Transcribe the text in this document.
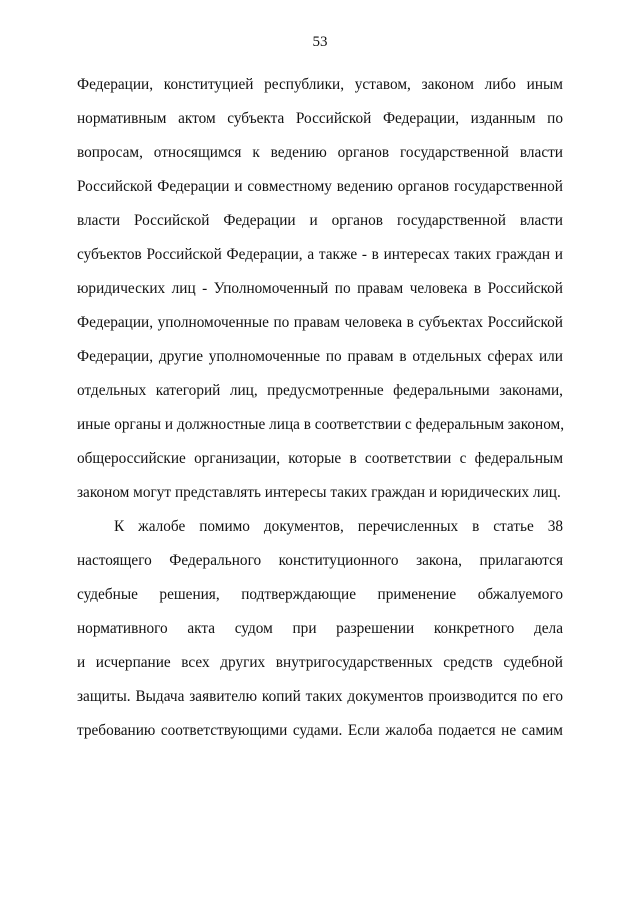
53
Федерации, конституцией республики, уставом, законом либо иным
нормативным актом субъекта Российской Федерации, изданным по
вопросам, относящимся к ведению органов государственной власти
Российской Федерации и совместному ведению органов государственной
власти Российской Федерации и органов государственной власти
субъектов Российской Федерации, а также - в интересах таких граждан и
юридических лиц - Уполномоченный по правам человека в Российской
Федерации, уполномоченные по правам человека в субъектах Российской
Федерации, другие уполномоченные по правам в отдельных сферах или
отдельных категорий лиц, предусмотренные федеральными законами,
иные органы и должностные лица в соответствии с федеральным законом,
общероссийские организации, которые в соответствии с федеральным
законом могут представлять интересы таких граждан и юридических лиц.
К жалобе помимо документов, перечисленных в статье 38
настоящего Федерального конституционного закона, прилагаются
судебные решения, подтверждающие применение обжалуемого
нормативного акта судом при разрешении конкретного дела
и исчерпание всех других внутригосударственных средств судебной
защиты. Выдача заявителю копий таких документов производится по его
требованию соответствующими судами. Если жалоба подается не самим
